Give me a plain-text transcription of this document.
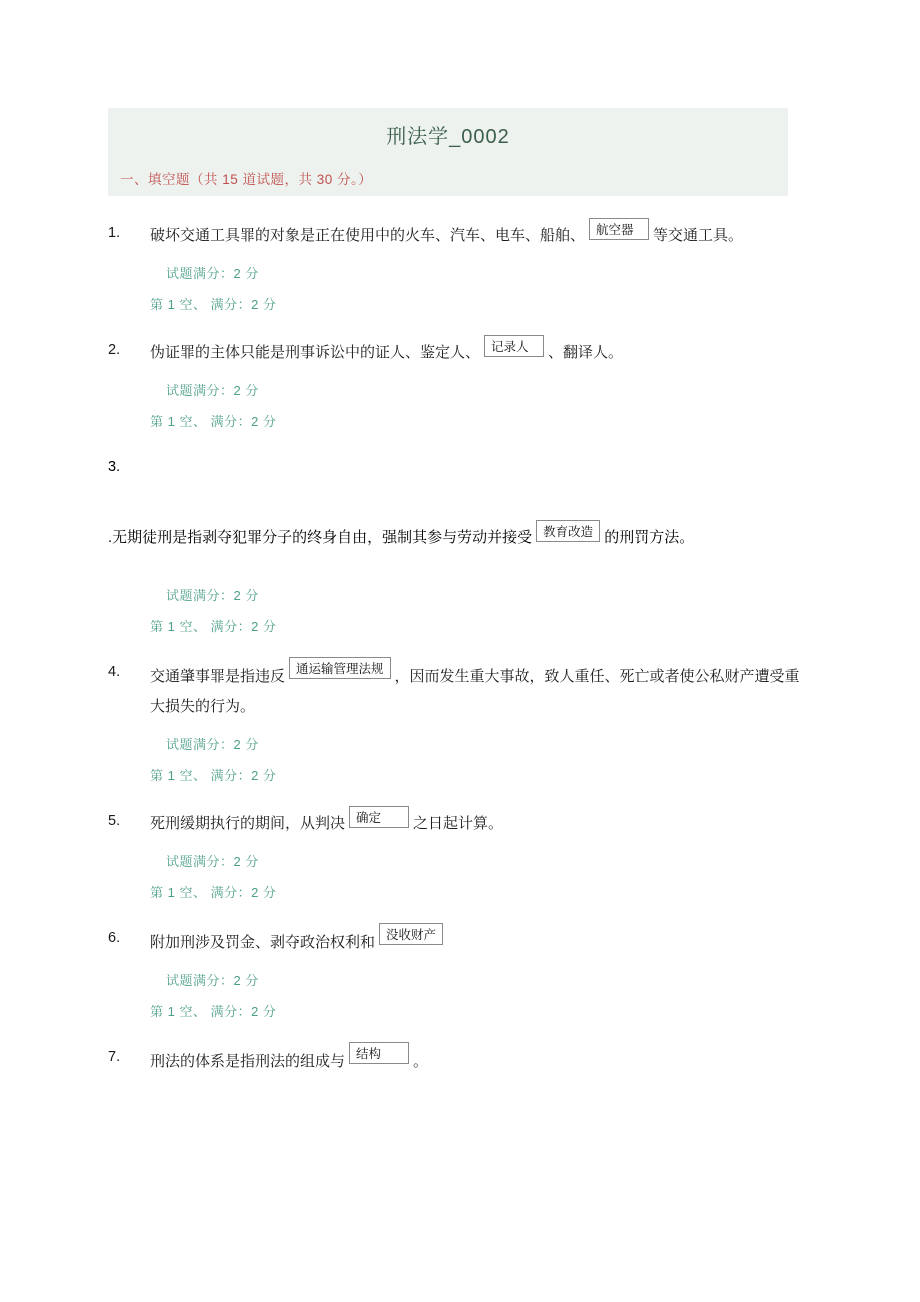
刑法学_0002
一、填空题（共 15 道试题，共 30 分。）
1.	破坏交通工具罪的对象是正在使用中的火车、汽车、电车、船舶、 航空器 等交通工具。
试题满分：2 分
第 1 空、 满分：2 分
2.	伪证罪的主体只能是刑事诉讼中的证人、鉴定人、 记录人 、翻译人。
试题满分：2 分
第 1 空、 满分：2 分
3.
.无期徒刑是指剥夺犯罪分子的终身自由，强制其参与劳动并接受 教育改造 的刑罚方法。
试题满分：2 分
第 1 空、 满分：2 分
4.	交通肇事罪是指违反 通运输管理法规 ，因而发生重大事故，致人重任、死亡或者使公私财产遭受重大损失的行为。
试题满分：2 分
第 1 空、 满分：2 分
5.	死刑缓期执行的期间，从判决 确定 之日起计算。
试题满分：2 分
第 1 空、 满分：2 分
6.	附加刑涉及罚金、剥夺政治权利和 没收财产
试题满分：2 分
第 1 空、 满分：2 分
7.	刑法的体系是指刑法的组成与 结构 。
